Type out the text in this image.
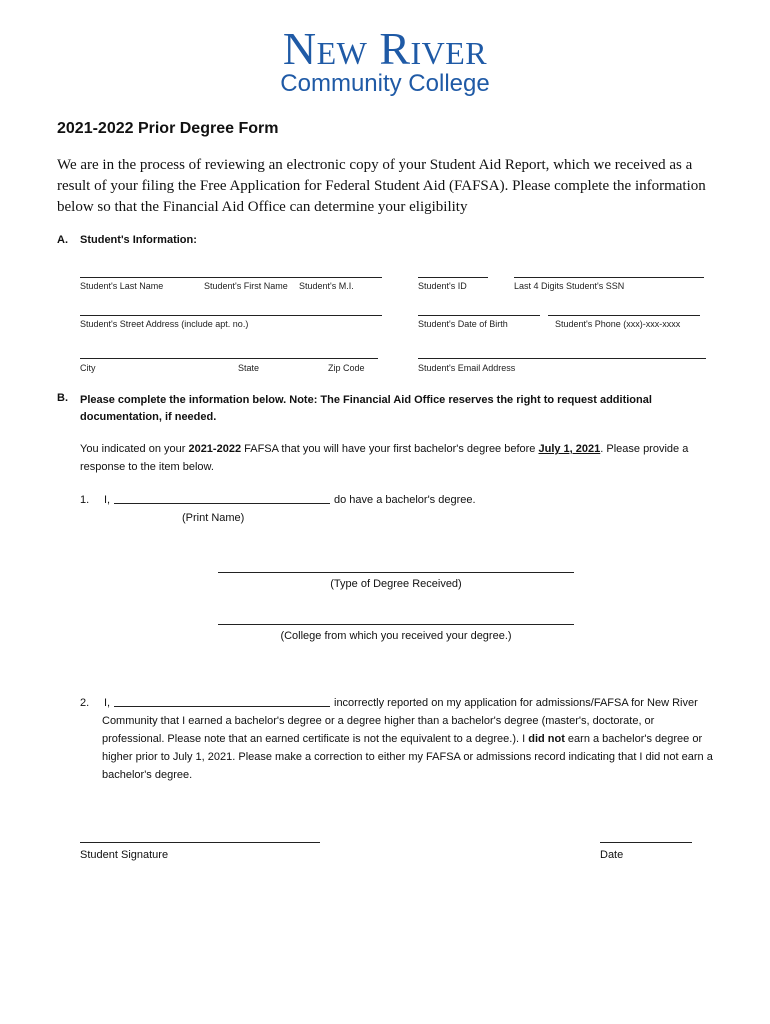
New River
Community College
2021-2022 Prior Degree Form
We are in the process of reviewing an electronic copy of your Student Aid Report, which we received as a result of your filing the Free Application for Federal Student Aid (FAFSA). Please complete the information below so that the Financial Aid Office can determine your eligibility
A. Student's Information:
Student's Last Name	Student's First Name Student's M.I.	Student's ID	Last 4 Digits Student's SSN
Student's Street Address (include apt. no.)	Student's Date of Birth	Student's Phone (xxx)-xxx-xxxx
City	State	Zip Code	Student's Email Address
B. Please complete the information below. Note: The Financial Aid Office reserves the right to request additional documentation, if needed.
You indicated on your 2021-2022 FAFSA that you will have your first bachelor's degree before July 1, 2021. Please provide a response to the item below.
1. I,	do have a bachelor's degree.
(Print Name)
(Type of Degree Received)
(College from which you received your degree.)
2. I,	incorrectly reported on my application for admissions/FAFSA for New River Community that I earned a bachelor's degree or a degree higher than a bachelor's degree (master's, doctorate, or professional. Please note that an earned certificate is not the equivalent to a degree.). I did not earn a bachelor's degree or higher prior to July 1, 2021. Please make a correction to either my FAFSA or admissions record indicating that I did not earn a bachelor's degree.
Student Signature	Date
